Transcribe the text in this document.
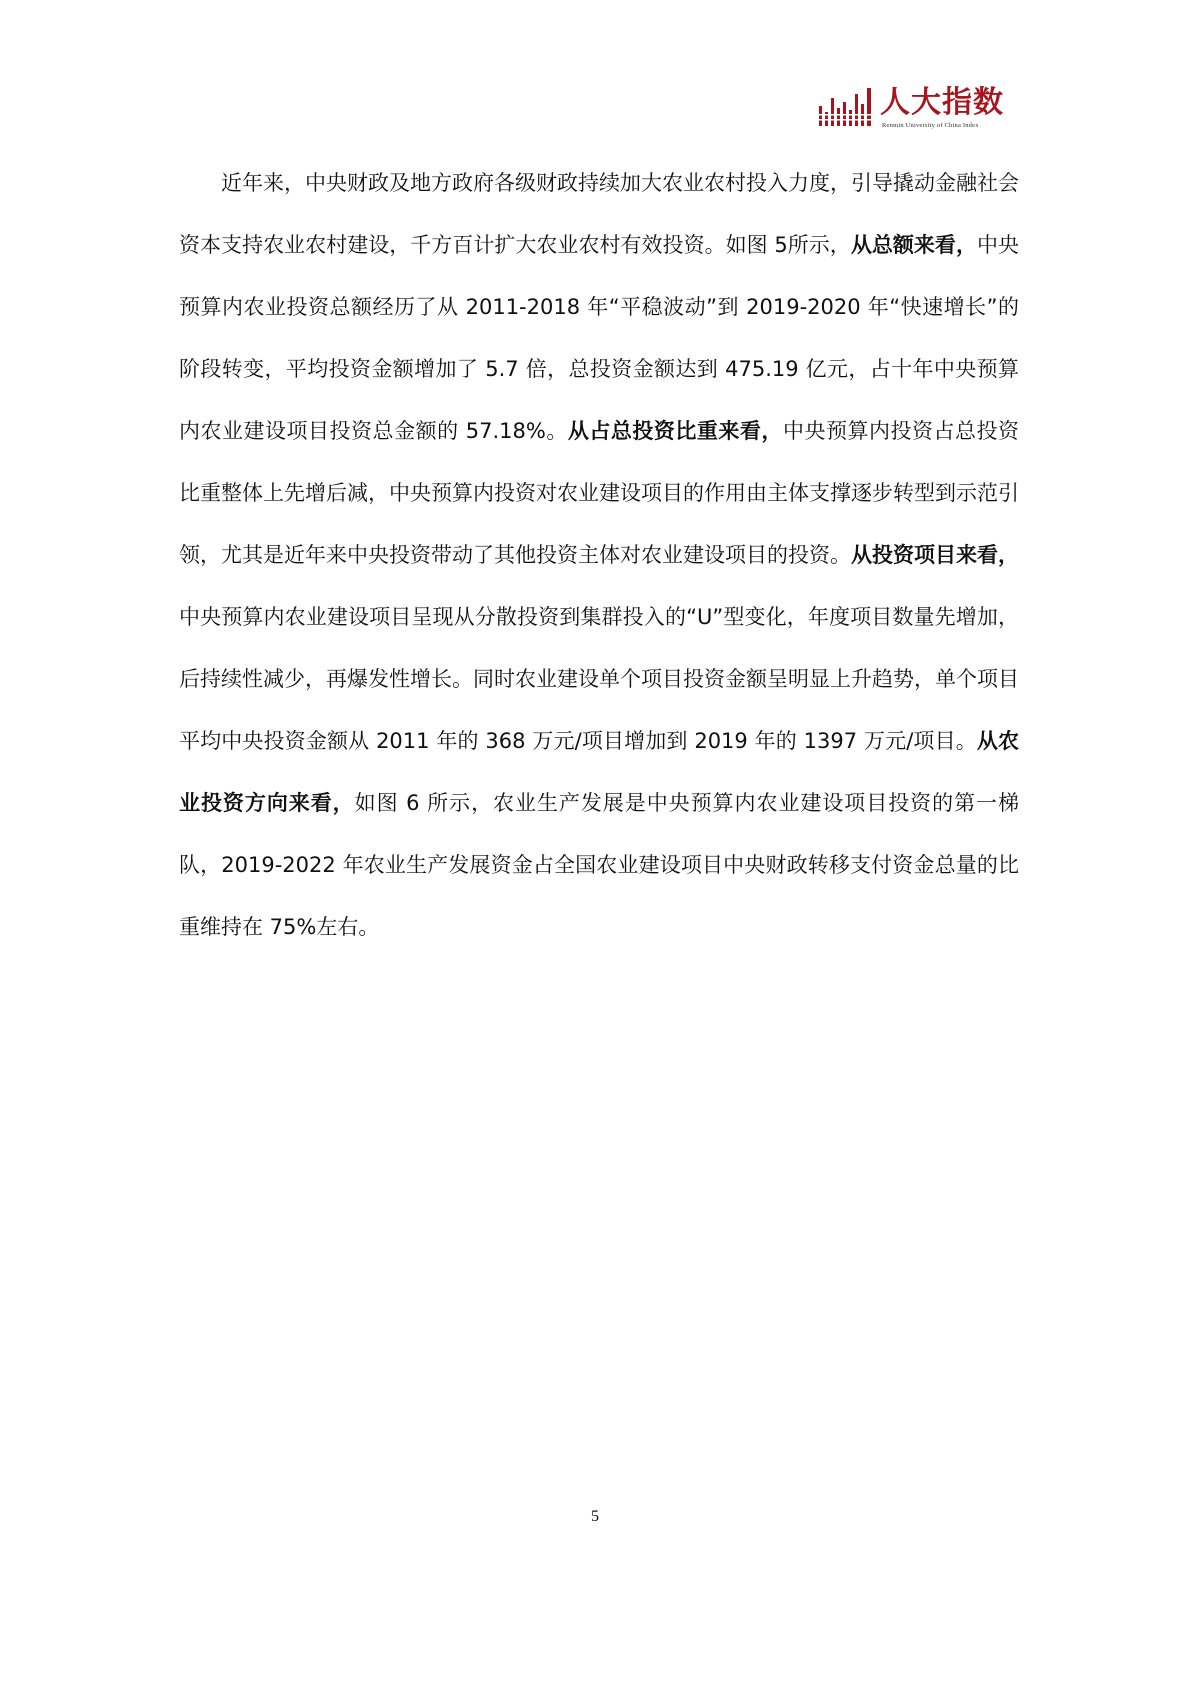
人大指数
Renmin University of China Index

近年来，中央财政及地方政府各级财政持续加大农业农村投入力度，引导撬动金融社会资本支持农业农村建设，千方百计扩大农业农村有效投资。如图 5所示，从总额来看，中央预算内农业投资总额经历了从 2011-2018 年“平稳波动”到 2019-2020 年“快速增长”的阶段转变，平均投资金额增加了 5.7 倍，总投资金额达到 475.19 亿元，占十年中央预算内农业建设项目投资总金额的 57.18%。从占总投资比重来看，中央预算内投资占总投资比重整体上先增后减，中央预算内投资对农业建设项目的作用由主体支撑逐步转型到示范引领，尤其是近年来中央投资带动了其他投资主体对农业建设项目的投资。从投资项目来看，中央预算内农业建设项目呈现从分散投资到集群投入的“U”型变化，年度项目数量先增加，后持续性减少，再爆发性增长。同时农业建设单个项目投资金额呈明显上升趋势，单个项目平均中央投资金额从 2011 年的 368 万元/项目增加到 2019 年的 1397 万元/项目。从农业投资方向来看，如图 6 所示，农业生产发展是中央预算内农业建设项目投资的第一梯队，2019-2022 年农业生产发展资金占全国农业建设项目中央财政转移支付资金总量的比重维持在 75%左右。

5
